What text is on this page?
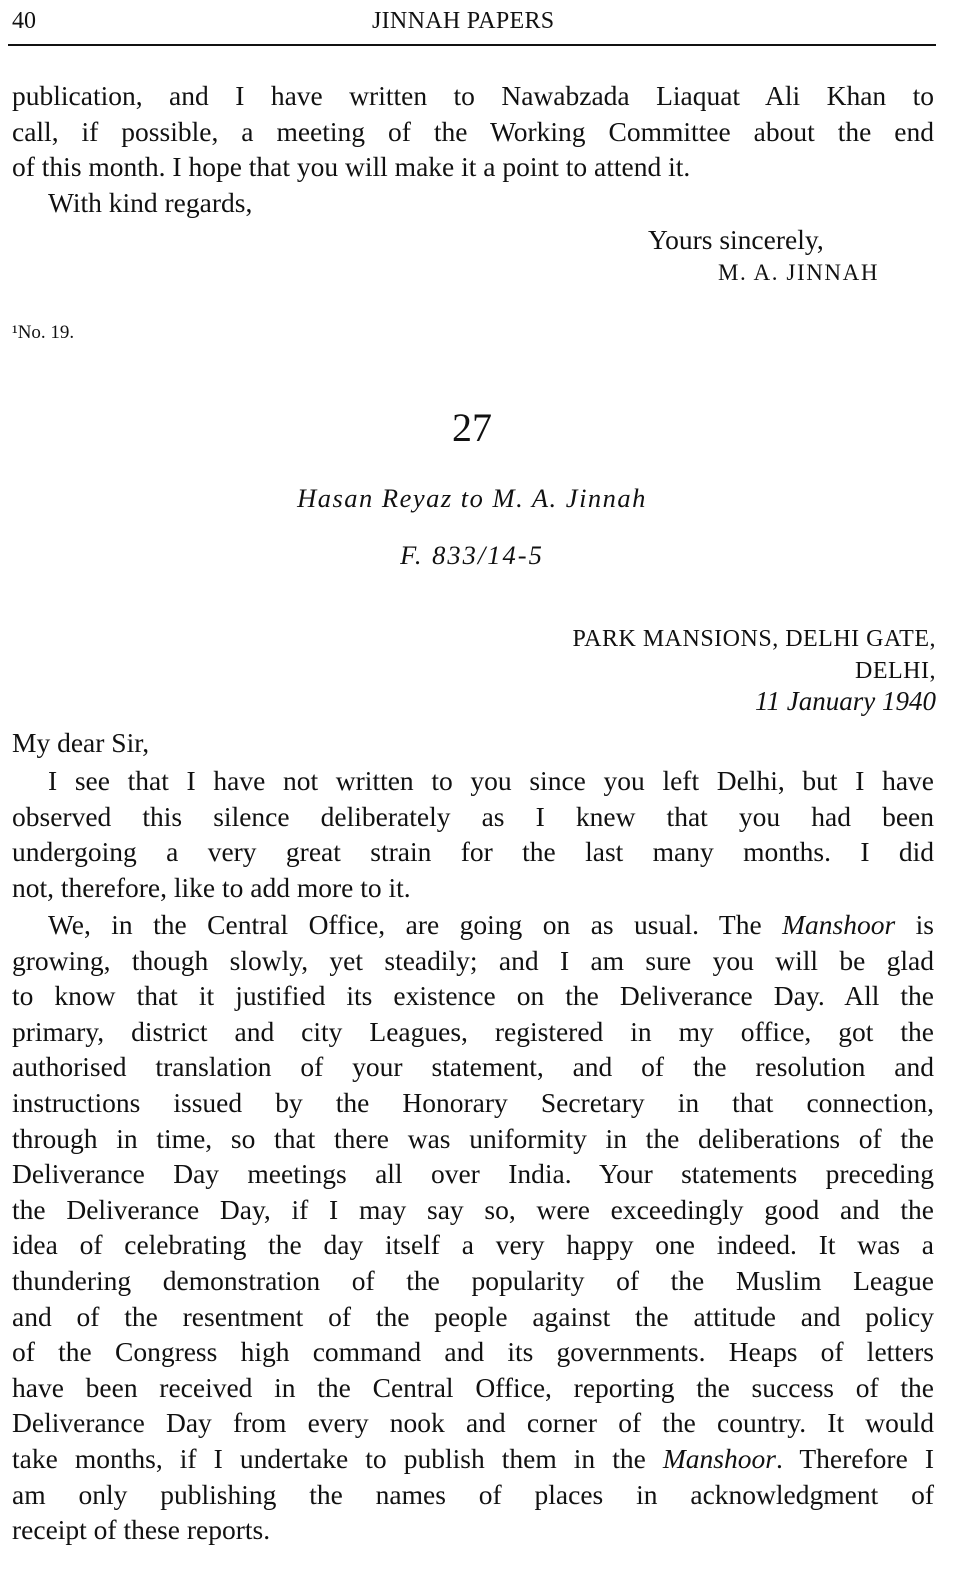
40	JINNAH PAPERS
publication, and I have written to Nawabzada Liaquat Ali Khan to
call, if possible, a meeting of the Working Committee about the end
of this month. I hope that you will make it a point to attend it.
With kind regards,
Yours sincerely,
M. A. JINNAH
¹No. 19.
27
Hasan Reyaz to M. A. Jinnah
F. 833/14-5
PARK MANSIONS, DELHI GATE,
DELHI,
11 January 1940
My dear Sir,
I see that I have not written to you since you left Delhi, but I have
observed this silence deliberately as I knew that you had been
undergoing a very great strain for the last many months. I did
not, therefore, like to add more to it.
We, in the Central Office, are going on as usual. The Manshoor is
growing, though slowly, yet steadily; and I am sure you will be glad
to know that it justified its existence on the Deliverance Day. All the
primary, district and city Leagues, registered in my office, got the
authorised translation of your statement, and of the resolution and
instructions issued by the Honorary Secretary in that connection,
through in time, so that there was uniformity in the deliberations of the
Deliverance Day meetings all over India. Your statements preceding
the Deliverance Day, if I may say so, were exceedingly good and the
idea of celebrating the day itself a very happy one indeed. It was a
thundering demonstration of the popularity of the Muslim League
and of the resentment of the people against the attitude and policy
of the Congress high command and its governments. Heaps of letters
have been received in the Central Office, reporting the success of the
Deliverance Day from every nook and corner of the country. It would
take months, if I undertake to publish them in the Manshoor. Therefore I
am only publishing the names of places in acknowledgment of
receipt of these reports.
